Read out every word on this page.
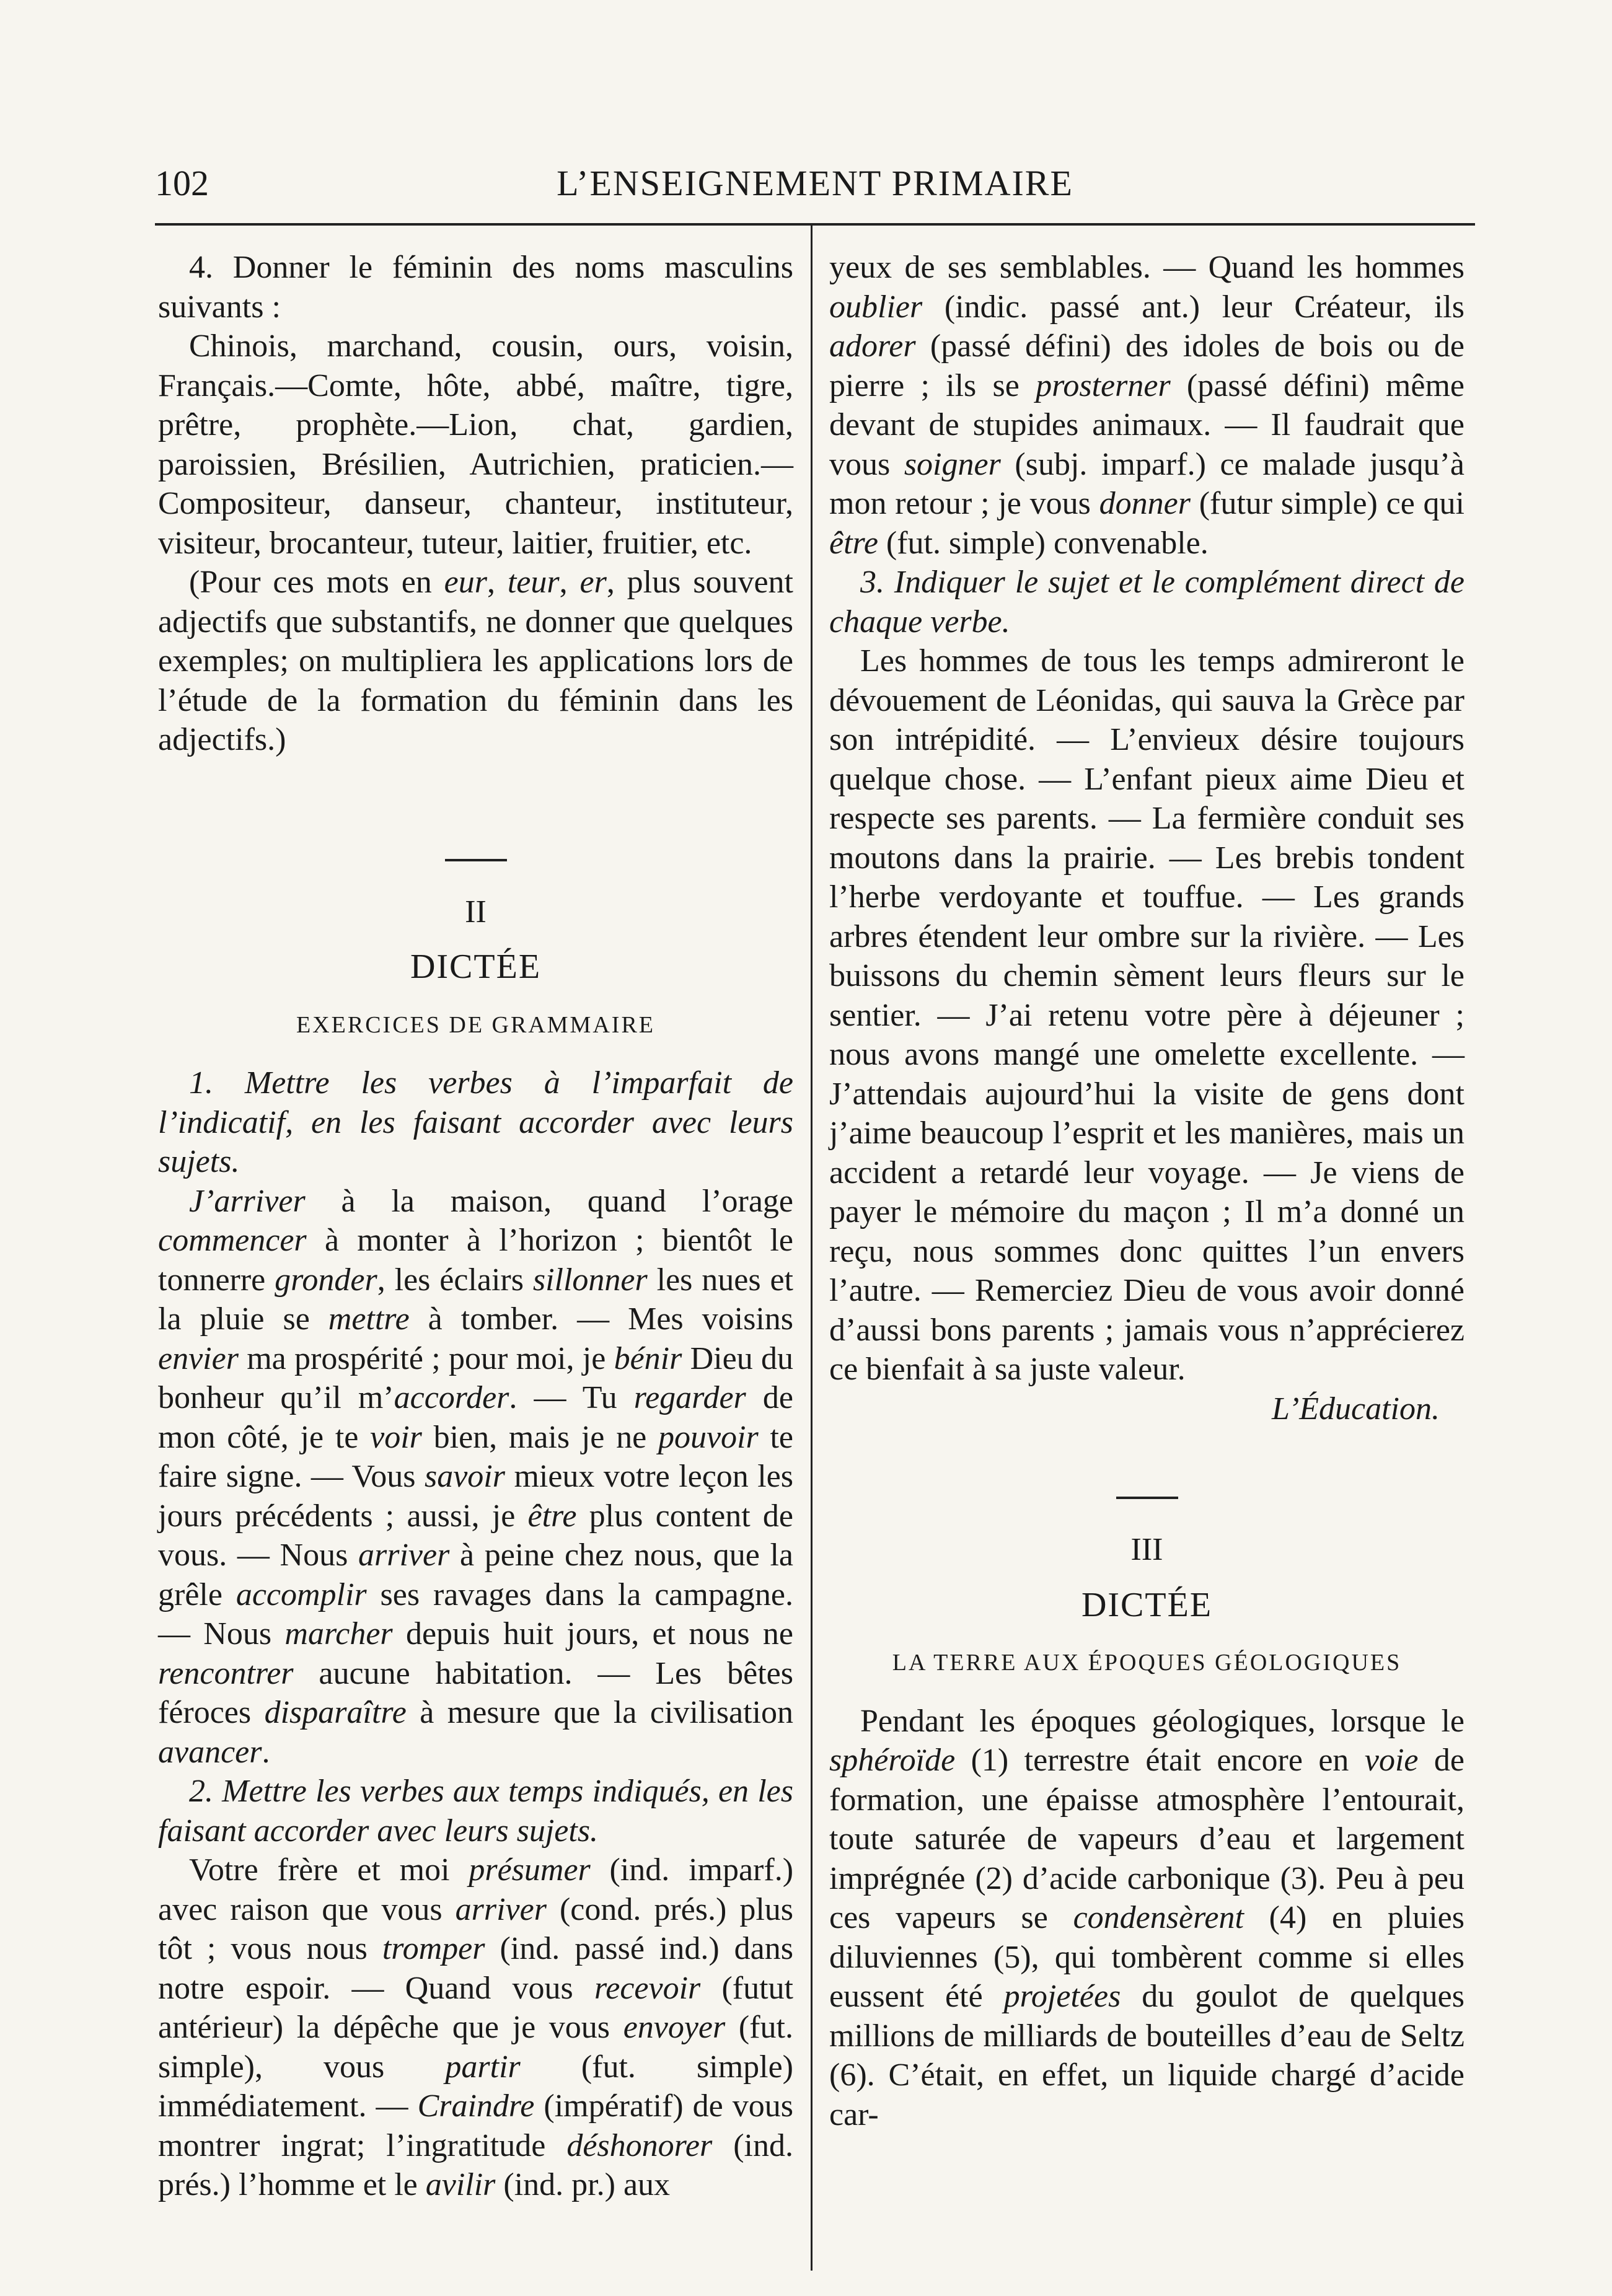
102	L’ENSEIGNEMENT PRIMAIRE

4. Donner le féminin des noms masculins suivants :

Chinois, marchand, cousin, ours, voisin, Français.—Comte, hôte, abbé, maître, tigre, prêtre, prophète.—Lion, chat, gardien, paroissien, Brésilien, Autrichien, praticien.—Compositeur, danseur, chanteur, instituteur, visiteur, brocanteur, tuteur, laitier, fruitier, etc.

(Pour ces mots en eur, teur, er, plus souvent adjectifs que substantifs, ne donner que quelques exemples; on multipliera les applications lors de l’étude de la formation du féminin dans les adjectifs.)

II
DICTÉE
EXERCICES DE GRAMMAIRE

1. Mettre les verbes à l’imparfait de l’indicatif, en les faisant accorder avec leurs sujets.

J’arriver à la maison, quand l’orage commencer à monter à l’horizon ; bientôt le tonnerre gronder, les éclairs sillonner les nues et la pluie se mettre à tomber. — Mes voisins envier ma prospérité ; pour moi, je bénir Dieu du bonheur qu’il m’accorder. — Tu regarder de mon côté, je te voir bien, mais je ne pouvoir te faire signe. — Vous savoir mieux votre leçon les jours précédents ; aussi, je être plus content de vous. — Nous arriver à peine chez nous, que la grêle accomplir ses ravages dans la campagne. — Nous marcher depuis huit jours, et nous ne rencontrer aucune habitation. — Les bêtes féroces disparaître à mesure que la civilisation avancer.

2. Mettre les verbes aux temps indiqués, en les faisant accorder avec leurs sujets.

Votre frère et moi présumer (ind. imparf.) avec raison que vous arriver (cond. prés.) plus tôt ; vous nous tromper (ind. passé ind.) dans notre espoir. — Quand vous recevoir (futut antérieur) la dépêche que je vous envoyer (fut. simple), vous partir (fut. simple) immédiatement. — Craindre (impératif) de vous montrer ingrat; l’ingratitude déshonorer (ind. prés.) l’homme et le avilir (ind. pr.) aux

yeux de ses semblables. — Quand les hommes oublier (indic. passé ant.) leur Créateur, ils adorer (passé défini) des idoles de bois ou de pierre ; ils se prosterner (passé défini) même devant de stupides animaux. — Il faudrait que vous soigner (subj. imparf.) ce malade jusqu’à mon retour ; je vous donner (futur simple) ce qui être (fut. simple) convenable.

3. Indiquer le sujet et le complément direct de chaque verbe.

Les hommes de tous les temps admireront le dévouement de Léonidas, qui sauva la Grèce par son intrépidité. — L’envieux désire toujours quelque chose. — L’enfant pieux aime Dieu et respecte ses parents. — La fermière conduit ses moutons dans la prairie. — Les brebis tondent l’herbe verdoyante et touffue. — Les grands arbres étendent leur ombre sur la rivière. — Les buissons du chemin sèment leurs fleurs sur le sentier. — J’ai retenu votre père à déjeuner ; nous avons mangé une omelette excellente. — J’attendais aujourd’hui la visite de gens dont j’aime beaucoup l’esprit et les manières, mais un accident a retardé leur voyage. — Je viens de payer le mémoire du maçon ; Il m’a donné un reçu, nous sommes donc quittes l’un envers l’autre. — Remerciez Dieu de vous avoir donné d’aussi bons parents ; jamais vous n’apprécierez ce bienfait à sa juste valeur.

L’Éducation.
III
DICTÉE
LA TERRE AUX ÉPOQUES GÉOLOGIQUES

Pendant les époques géologiques, lorsque le sphéroïde (1) terrestre était encore en voie de formation, une épaisse atmosphère l’entourait, toute saturée de vapeurs d’eau et largement imprégnée (2) d’acide carbonique (3). Peu à peu ces vapeurs se condensèrent (4) en pluies diluviennes (5), qui tombèrent comme si elles eussent été projetées du goulot de quelques millions de milliards de bouteilles d’eau de Seltz (6). C’était, en effet, un liquide chargé d’acide car-
